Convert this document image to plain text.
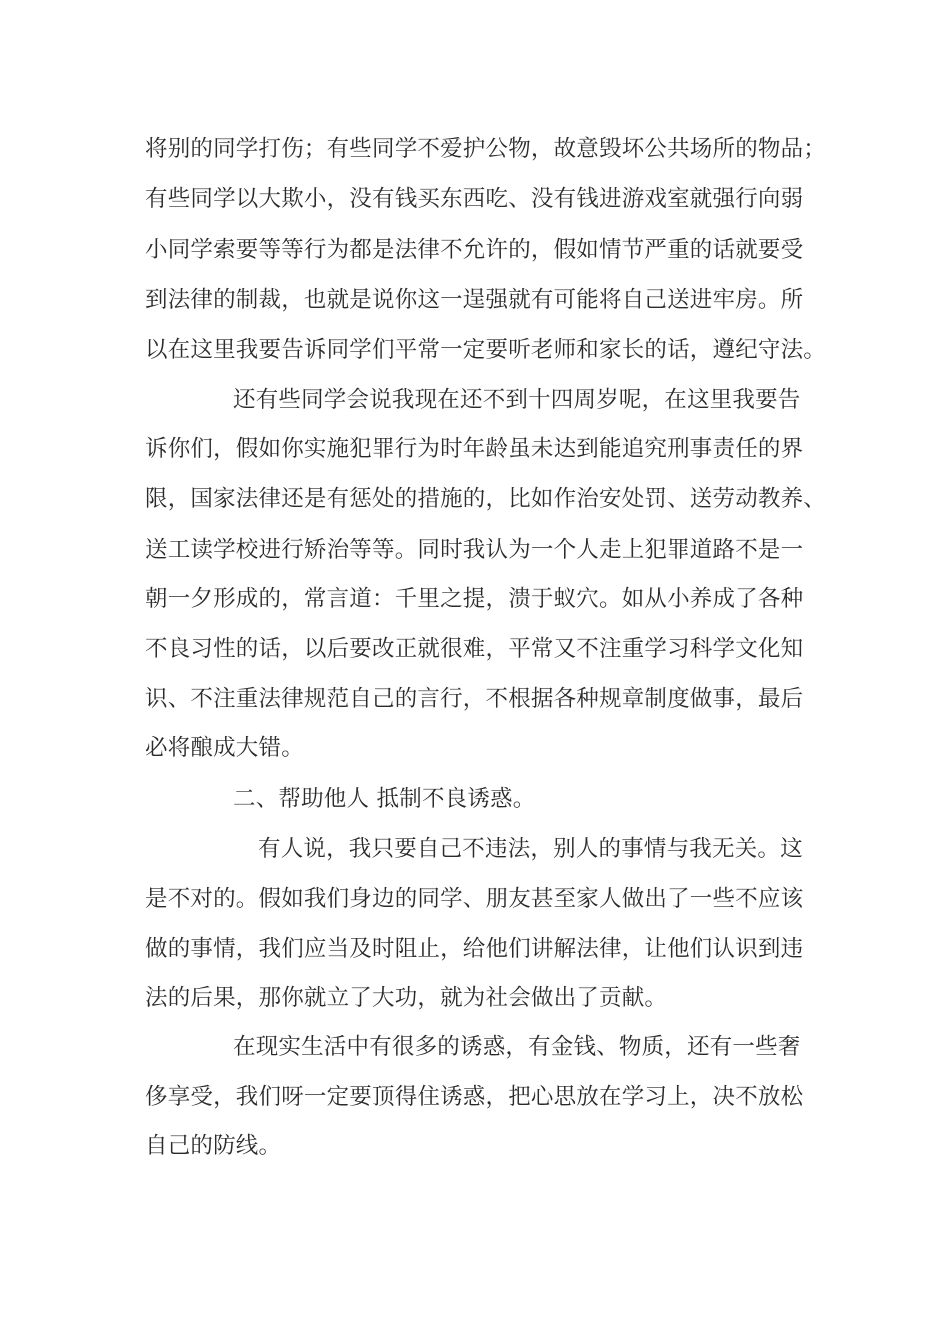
将别的同学打伤；有些同学不爱护公物，故意毁坏公共场所的物品；
有些同学以大欺小，没有钱买东西吃、没有钱进游戏室就强行向弱
小同学索要等等行为都是法律不允许的，假如情节严重的话就要受
到法律的制裁，也就是说你这一逞强就有可能将自己送进牢房。所
以在这里我要告诉同学们平常一定要听老师和家长的话，遵纪守法。
还有些同学会说我现在还不到十四周岁呢，在这里我要告
诉你们，假如你实施犯罪行为时年龄虽未达到能追究刑事责任的界
限，国家法律还是有惩处的措施的，比如作治安处罚、送劳动教养、
送工读学校进行矫治等等。同时我认为一个人走上犯罪道路不是一
朝一夕形成的，常言道：千里之提，溃于蚁穴。如从小养成了各种
不良习性的话，以后要改正就很难，平常又不注重学习科学文化知
识、不注重法律规范自己的言行，不根据各种规章制度做事，最后
必将酿成大错。
二、帮助他人 抵制不良诱惑。
有人说，我只要自己不违法，别人的事情与我无关。这
是不对的。假如我们身边的同学、朋友甚至家人做出了一些不应该
做的事情，我们应当及时阻止，给他们讲解法律，让他们认识到违
法的后果，那你就立了大功，就为社会做出了贡献。
在现实生活中有很多的诱惑，有金钱、物质，还有一些奢
侈享受，我们呀一定要顶得住诱惑，把心思放在学习上，决不放松
自己的防线。
